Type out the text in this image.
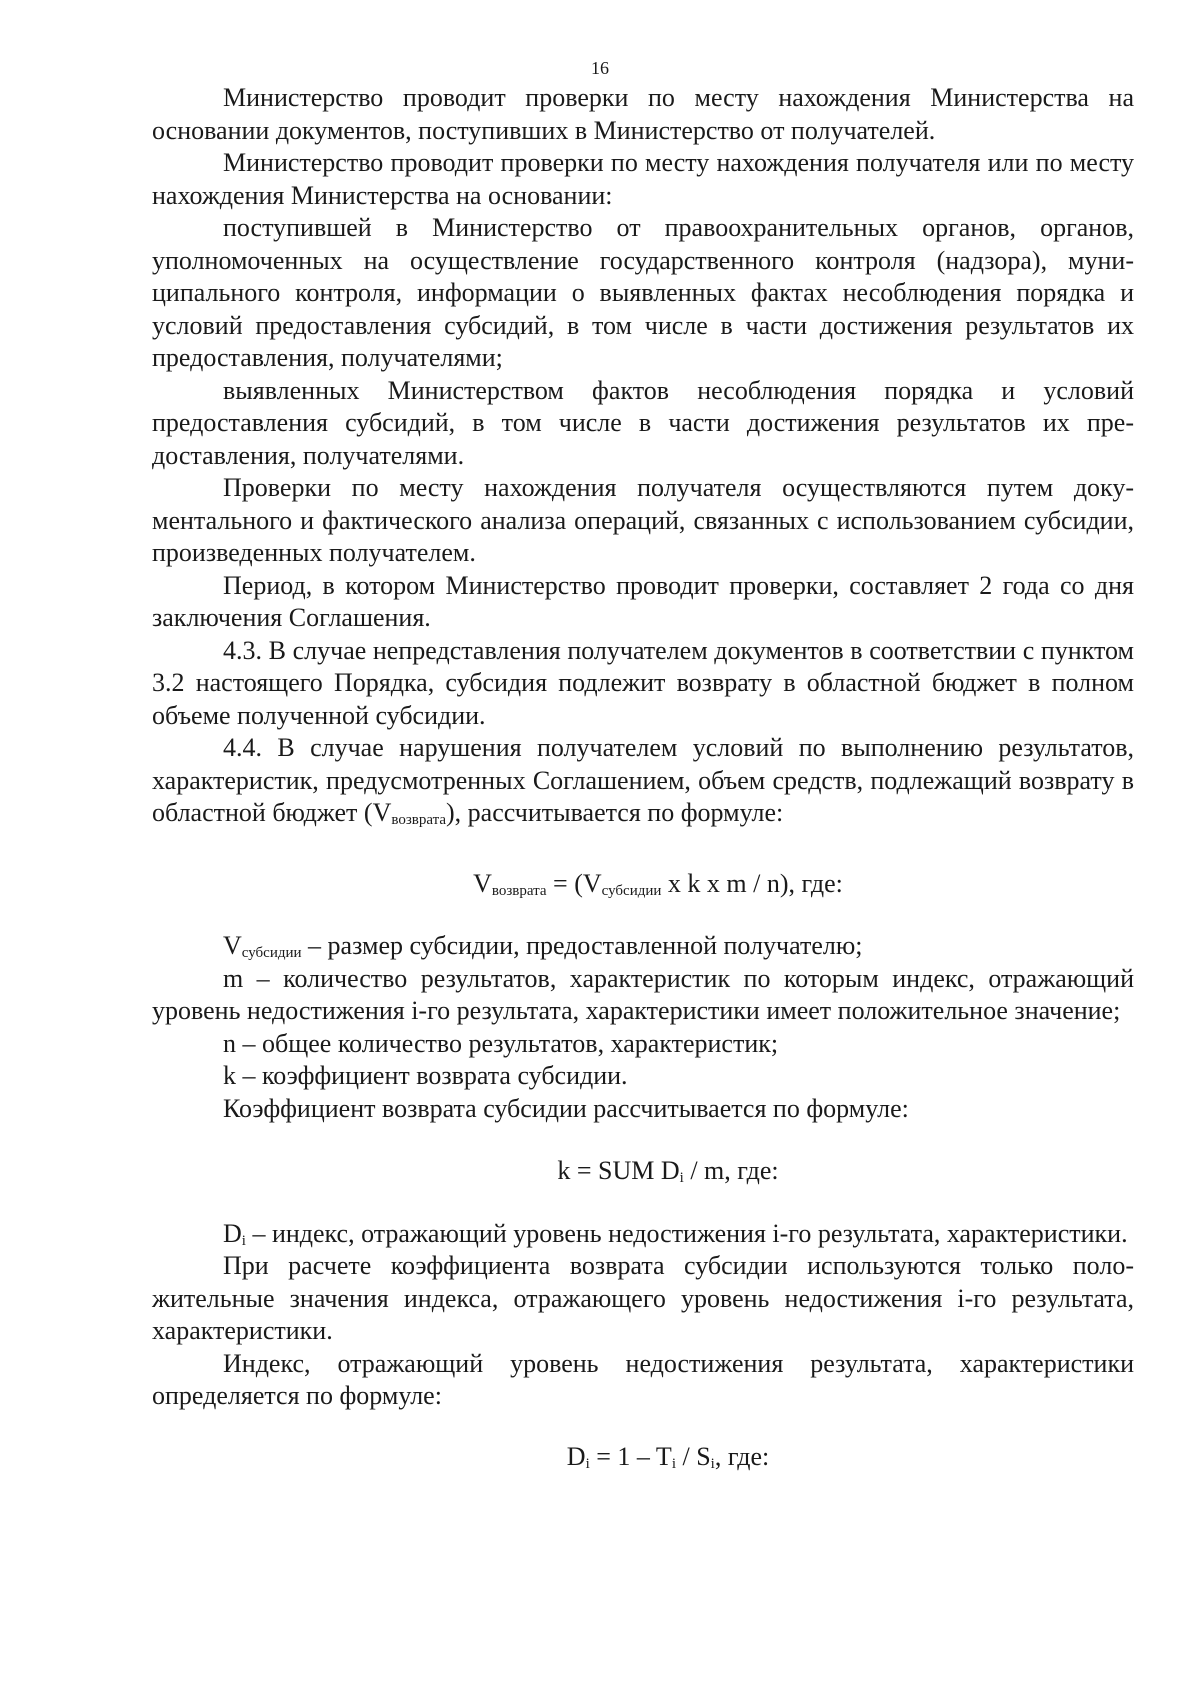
16

Министерство проводит проверки по месту нахождения Министерства на основании документов, поступивших в Министерство от получателей.

Министерство проводит проверки по месту нахождения получателя или по месту нахождения Министерства на основании:

поступившей в Министерство от правоохранительных органов, органов, уполномоченных на осуществление государственного контроля (надзора), муниципального контроля, информации о выявленных фактах несоблюдения порядка и условий предоставления субсидий, в том числе в части достижения результатов их предоставления, получателями;

выявленных Министерством фактов несоблюдения порядка и условий предоставления субсидий, в том числе в части достижения результатов их предоставления, получателями.

Проверки по месту нахождения получателя осуществляются путем документального и фактического анализа операций, связанных с использованием субсидии, произведенных получателем.

Период, в котором Министерство проводит проверки, составляет 2 года со дня заключения Соглашения.

4.3. В случае непредставления получателем документов в соответствии с пунктом 3.2 настоящего Порядка, субсидия подлежит возврату в областной бюджет в полном объеме полученной субсидии.

4.4. В случае нарушения получателем условий по выполнению результатов, характеристик, предусмотренных Соглашением, объем средств, подлежащий возврату в областной бюджет $(V_{возврата})$, рассчитывается по формуле:

$V_{возврата} = (V_{субсидии}$ x k x m / n), где:

$V_{субсидии}$ – размер субсидии, предоставленной получателю;

m – количество результатов, характеристик по которым индекс, отражающий уровень недостижения i-го результата, характеристики имеет положительное значение;

n – общее количество результатов, характеристик;

k – коэффициент возврата субсидии.

Коэффициент возврата субсидии рассчитывается по формуле:

k = SUM $D_i$ / m, где:

$D_i$ – индекс, отражающий уровень недостижения i-го результата, характеристики.

При расчете коэффициента возврата субсидии используются только положительные значения индекса, отражающего уровень недостижения i-го результата, характеристики.

Индекс, отражающий уровень недостижения результата, характеристики определяется по формуле:

$D_i = 1 - T_i / S_i$, где:
